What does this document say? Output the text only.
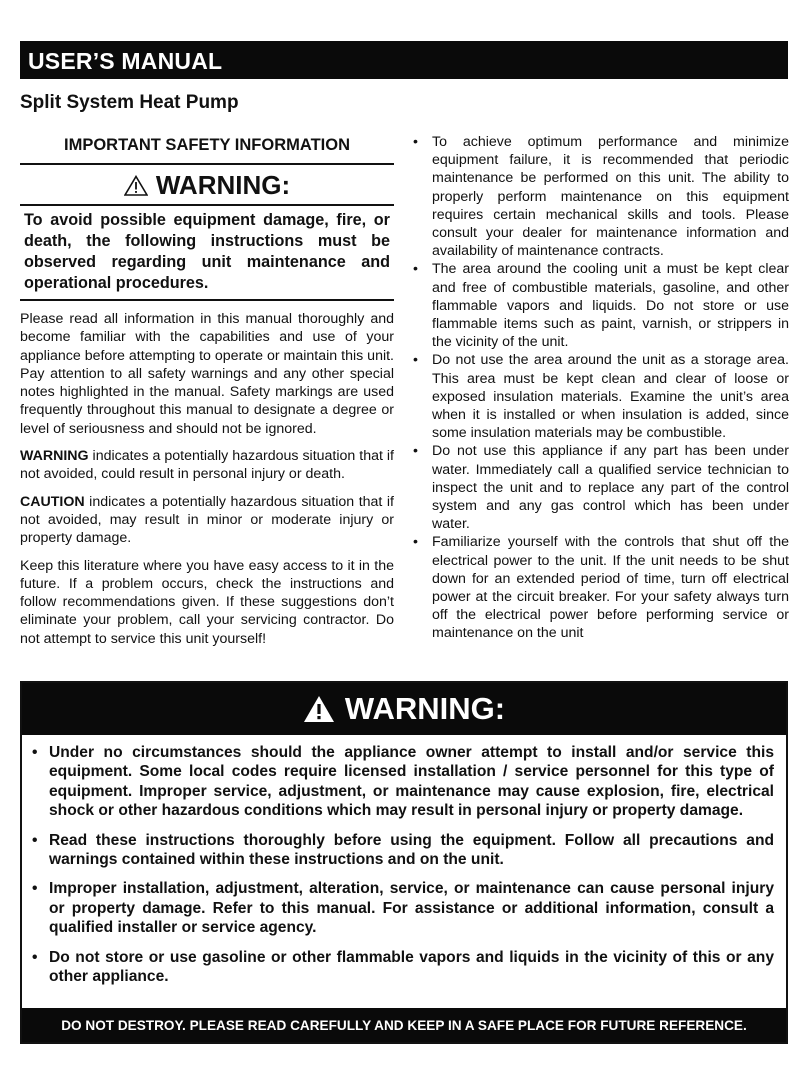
USER’S MANUAL
Split System Heat Pump
IMPORTANT SAFETY INFORMATION
WARNING:
To avoid possible equipment damage, fire, or death, the following instructions must be observed regarding unit maintenance and operational procedures.

Please read all information in this manual thoroughly and become familiar with the capabilities and use of your appliance before attempting to operate or maintain this unit. Pay attention to all safety warnings and any other special notes highlighted in the manual. Safety markings are used frequently throughout this manual to designate a degree or level of seriousness and should not be ignored.

WARNING indicates a potentially hazardous situation that if not avoided, could result in personal injury or death.

CAUTION indicates a potentially hazardous situation that if not avoided, may result in minor or moderate injury or property damage.

Keep this literature where you have easy access to it in the future. If a problem occurs, check the instructions and follow recommendations given. If these suggestions don’t eliminate your problem, call your servicing contractor. Do not attempt to service this unit yourself!

• To achieve optimum performance and minimize equipment failure, it is recommended that periodic maintenance be performed on this unit. The ability to properly perform maintenance on this equipment requires certain mechanical skills and tools. Please consult your dealer for maintenance information and availability of maintenance contracts.
• The area around the cooling unit a must be kept clear and free of combustible materials, gasoline, and other flammable vapors and liquids. Do not store or use flammable items such as paint, varnish, or strippers in the vicinity of the unit.
• Do not use the area around the unit as a storage area. This area must be kept clean and clear of loose or exposed insulation materials. Examine the unit’s area when it is installed or when insulation is added, since some insulation materials may be combustible.
• Do not use this appliance if any part has been under water. Immediately call a qualified service technician to inspect the unit and to replace any part of the control system and any gas control which has been under water.
• Familiarize yourself with the controls that shut off the electrical power to the unit. If the unit needs to be shut down for an extended period of time, turn off electrical power at the circuit breaker. For your safety always turn off the electrical power before performing service or maintenance on the unit
WARNING:
• Under no circumstances should the appliance owner attempt to install and/or service this equipment. Some local codes require licensed installation / service personnel for this type of equipment. Improper service, adjustment, or maintenance may cause explosion, fire, electrical shock or other hazardous conditions which may result in personal injury or property damage.
• Read these instructions thoroughly before using the equipment. Follow all precautions and warnings contained within these instructions and on the unit.
• Improper installation, adjustment, alteration, service, or maintenance can cause personal injury or property damage. Refer to this manual. For assistance or additional information, consult a qualified installer or service agency.
• Do not store or use gasoline or other flammable vapors and liquids in the vicinity of this or any other appliance.
DO NOT DESTROY. PLEASE READ CAREFULLY AND KEEP IN A SAFE PLACE FOR FUTURE REFERENCE.
